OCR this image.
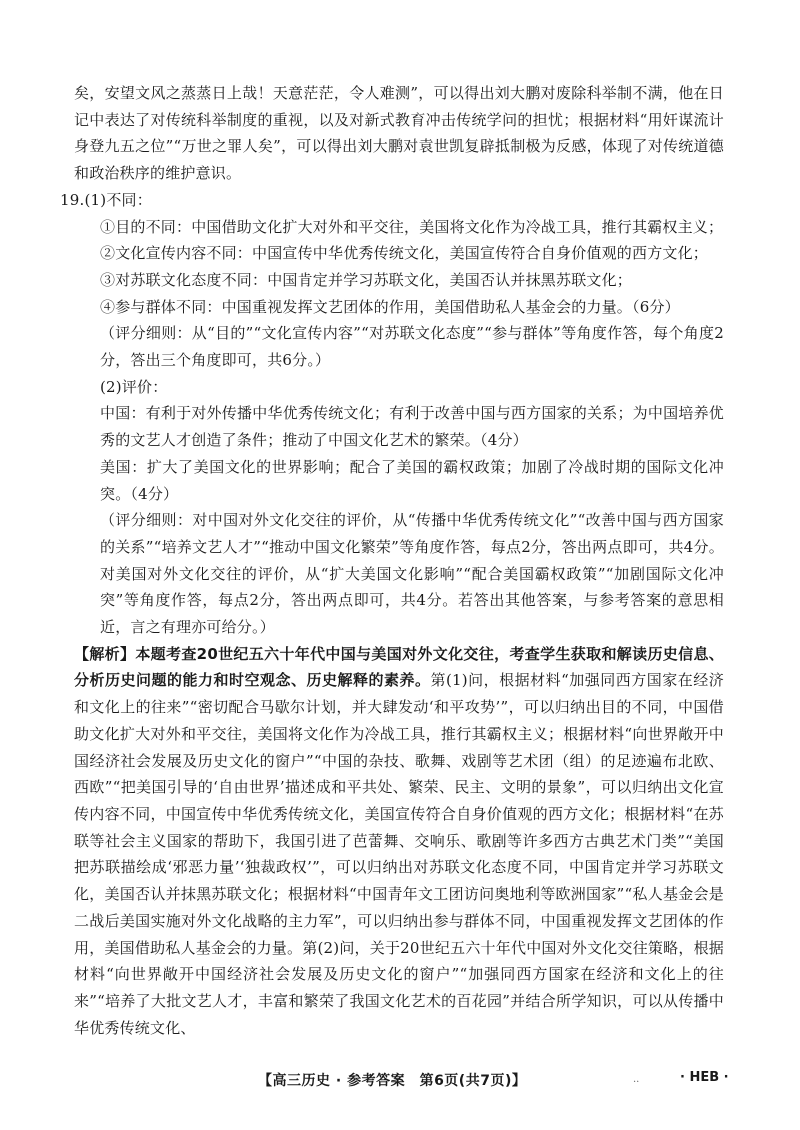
矣，安望文风之蒸蒸日上哉！天意茫茫，令人难测”，可以得出刘大鹏对废除科举制不满，他在日记中表达了对传统科举制度的重视，以及对新式教育冲击传统学问的担忧；根据材料“用奸谋流计身登九五之位”“万世之罪人矣”，可以得出刘大鹏对袁世凯复辟抵制极为反感，体现了对传统道德和政治秩序的维护意识。

19.(1)不同：

①目的不同：中国借助文化扩大对外和平交往，美国将文化作为冷战工具，推行其霸权主义；

②文化宣传内容不同：中国宣传中华优秀传统文化，美国宣传符合自身价值观的西方文化；

③对苏联文化态度不同：中国肯定并学习苏联文化，美国否认并抹黑苏联文化；

④参与群体不同：中国重视发挥文艺团体的作用，美国借助私人基金会的力量。（6分）

（评分细则：从“目的”“文化宣传内容”“对苏联文化态度”“参与群体”等角度作答，每个角度2分，答出三个角度即可，共6分。）

(2)评价：

中国：有利于对外传播中华优秀传统文化；有利于改善中国与西方国家的关系；为中国培养优秀的文艺人才创造了条件；推动了中国文化艺术的繁荣。（4分）

美国：扩大了美国文化的世界影响；配合了美国的霸权政策；加剧了冷战时期的国际文化冲突。（4分）

（评分细则：对中国对外文化交往的评价，从“传播中华优秀传统文化”“改善中国与西方国家的关系”“培养文艺人才”“推动中国文化繁荣”等角度作答，每点2分，答出两点即可，共4分。对美国对外文化交往的评价，从“扩大美国文化影响”“配合美国霸权政策”“加剧国际文化冲突”等角度作答，每点2分，答出两点即可，共4分。若答出其他答案，与参考答案的意思相近，言之有理亦可给分。）

【解析】本题考查20世纪五六十年代中国与美国对外文化交往，考查学生获取和解读历史信息、分析历史问题的能力和时空观念、历史解释的素养。第(1)问，根据材料“加强同西方国家在经济和文化上的往来”“密切配合马歇尔计划，并大肆发动‘和平攻势’”，可以归纳出目的不同，中国借助文化扩大对外和平交往，美国将文化作为冷战工具，推行其霸权主义；根据材料“向世界敞开中国经济社会发展及历史文化的窗户”“中国的杂技、歌舞、戏剧等艺术团（组）的足迹遍布北欧、西欧”“把美国引导的‘自由世界’描述成和平共处、繁荣、民主、文明的景象”，可以归纳出文化宣传内容不同，中国宣传中华优秀传统文化，美国宣传符合自身价值观的西方文化；根据材料“在苏联等社会主义国家的帮助下，我国引进了芭蕾舞、交响乐、歌剧等许多西方古典艺术门类”“美国把苏联描绘成‘邪恶力量’‘独裁政权’”，可以归纳出对苏联文化态度不同，中国肯定并学习苏联文化，美国否认并抹黑苏联文化；根据材料“中国青年文工团访问奥地利等欧洲国家”“私人基金会是二战后美国实施对外文化战略的主力军”，可以归纳出参与群体不同，中国重视发挥文艺团体的作用，美国借助私人基金会的力量。第(2)问，关于20世纪五六十年代中国对外文化交往策略，根据材料“向世界敞开中国经济社会发展及历史文化的窗户”“加强同西方国家在经济和文化上的往来”“培养了大批文艺人才，丰富和繁荣了我国文化艺术的百花园”并结合所学知识，可以从传播中华优秀传统文化、

【高三历史 · 参考答案　第6页(共7页)】	..	· HEB ·
